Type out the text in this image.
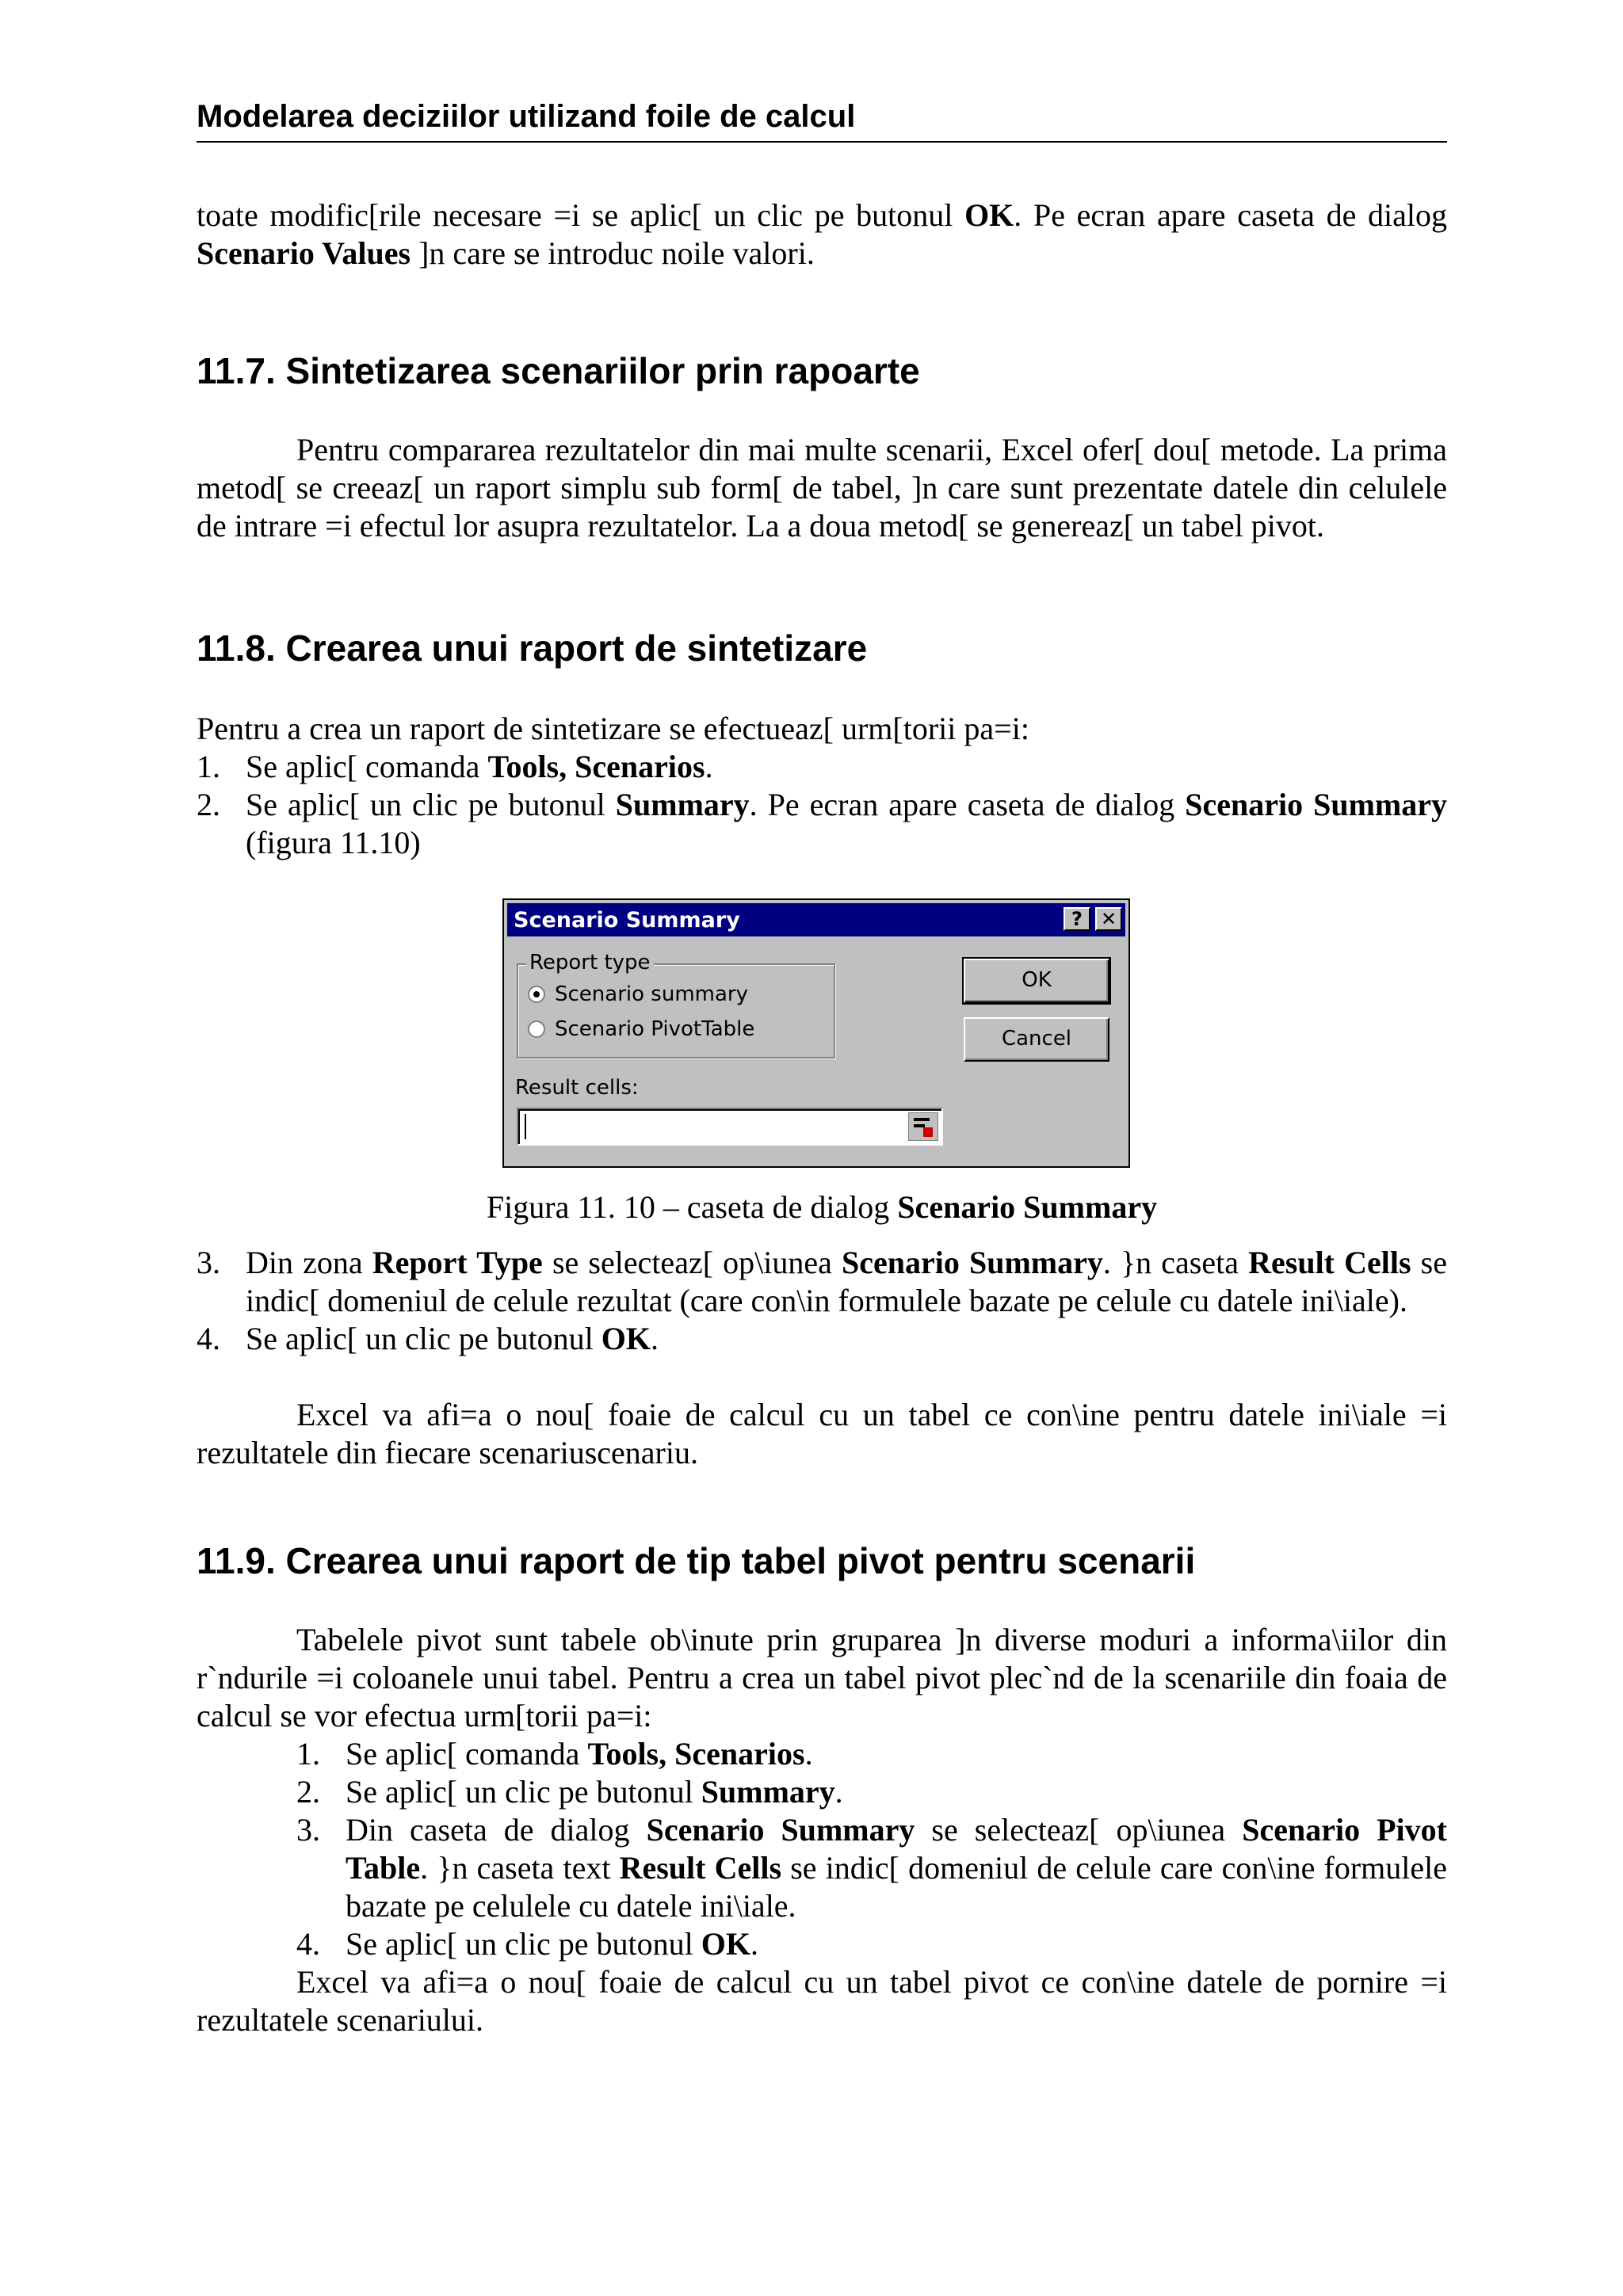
Modelarea deciziilor utilizand foile de calcul

toate modific[rile necesare =i se aplic[ un clic pe butonul OK. Pe ecran apare caseta de dialog Scenario Values ]n care se introduc noile valori.

11.7. Sintetizarea scenariilor prin rapoarte

Pentru compararea rezultatelor din mai multe scenarii, Excel ofer[ dou[ metode. La prima metod[ se creeaz[ un raport simplu sub form[ de tabel, ]n care sunt prezentate datele din celulele de intrare =i efectul lor asupra rezultatelor. La a doua metod[ se genereaz[ un tabel pivot.

11.8. Crearea unui raport de sintetizare

Pentru a crea un raport de sintetizare se efectueaz[ urm[torii pa=i:

1. Se aplic[ comanda Tools, Scenarios.
2. Se aplic[ un clic pe butonul Summary. Pe ecran apare caseta de dialog Scenario Summary (figura 11.10)
Scenario Summary	? ✕
Report type
Scenario summary
Scenario PivotTable
OK
Cancel
Result cells:
Figura 11. 10 – caseta de dialog Scenario Summary
3. Din zona Report Type se selecteaz[ op\iunea Scenario Summary. }n caseta Result Cells se indic[ domeniul de celule rezultat (care con\in formulele bazate pe celule cu datele ini\iale).
4. Se aplic[ un clic pe butonul OK.

Excel va afi=a o nou[ foaie de calcul cu un tabel ce con\ine pentru datele ini\iale =i rezultatele din fiecare scenariuscenariu.

11.9. Crearea unui raport de tip tabel pivot pentru scenarii

Tabelele pivot sunt tabele ob\inute prin gruparea ]n diverse moduri a informa\iilor din r`ndurile =i coloanele unui tabel. Pentru a crea un tabel pivot plec`nd de la scenariile din foaia de calcul se vor efectua urm[torii pa=i:

1. Se aplic[ comanda Tools, Scenarios.
2. Se aplic[ un clic pe butonul Summary.
3. Din caseta de dialog Scenario Summary se selecteaz[ op\iunea Scenario Pivot Table. }n caseta text Result Cells se indic[ domeniul de celule care con\ine formulele bazate pe celulele cu datele ini\iale.
4. Se aplic[ un clic pe butonul OK.

Excel va afi=a o nou[ foaie de calcul cu un tabel pivot ce con\ine datele de pornire =i rezultatele scenariului.
